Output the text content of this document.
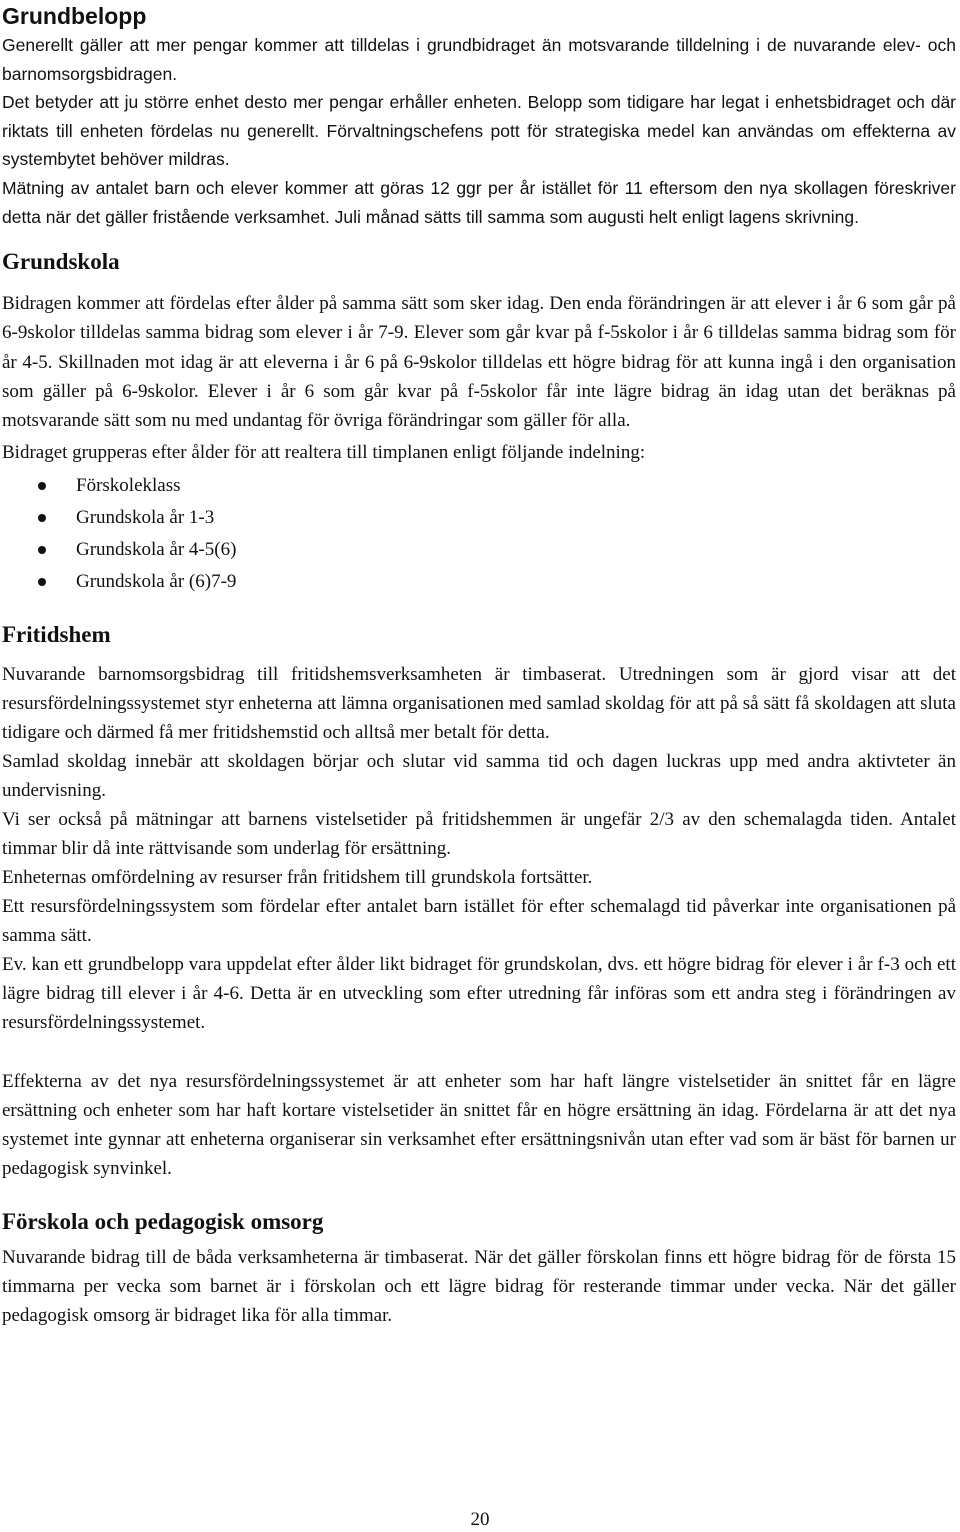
Grundbelopp

Generellt gäller att mer pengar kommer att tilldelas i grundbidraget än motsvarande tilldelning i de nuvarande elev- och barnomsorgsbidragen.

Det betyder att ju större enhet desto mer pengar erhåller enheten. Belopp som tidigare har legat i enhetsbidraget och där riktats till enheten fördelas nu generellt. Förvaltningschefens pott för strategiska medel kan användas om effekterna av systembytet behöver mildras.

Mätning av antalet barn och elever kommer att göras 12 ggr per år istället för 11 eftersom den nya skollagen föreskriver detta när det gäller fristående verksamhet. Juli månad sätts till samma som augusti helt enligt lagens skrivning.

Grundskola

Bidragen kommer att fördelas efter ålder på samma sätt som sker idag. Den enda förändringen är att elever i år 6 som går på 6-9skolor tilldelas samma bidrag som elever i år 7-9. Elever som går kvar på f-5skolor i år 6 tilldelas samma bidrag som för år 4-5. Skillnaden mot idag är att eleverna i år 6 på 6-9skolor tilldelas ett högre bidrag för att kunna ingå i den organisation som gäller på 6-9skolor. Elever i år 6 som går kvar på f-5skolor får inte lägre bidrag än idag utan det beräknas på motsvarande sätt som nu med undantag för övriga förändringar som gäller för alla.

Bidraget grupperas efter ålder för att realtera till timplanen enligt följande indelning:

Förskoleklass
Grundskola år 1-3
Grundskola år 4-5(6)
Grundskola år (6)7-9
Fritidshem

Nuvarande barnomsorgsbidrag till fritidshemsverksamheten är timbaserat. Utredningen som är gjord visar att det resursfördelningssystemet styr enheterna att lämna organisationen med samlad skoldag för att på så sätt få skoldagen att sluta tidigare och därmed få mer fritidshemstid och alltså mer betalt för detta.

Samlad skoldag innebär att skoldagen börjar och slutar vid samma tid och dagen luckras upp med andra aktivteter än undervisning.

Vi ser också på mätningar att barnens vistelsetider på fritidshemmen är ungefär 2/3 av den schemalagda tiden. Antalet timmar blir då inte rättvisande som underlag för ersättning.

Enheternas omfördelning av resurser från fritidshem till grundskola fortsätter.

Ett resursfördelningssystem som fördelar efter antalet barn istället för efter schemalagd tid påverkar inte organisationen på samma sätt.

Ev. kan ett grundbelopp vara uppdelat efter ålder likt bidraget för grundskolan, dvs. ett högre bidrag för elever i år f-3 och ett lägre bidrag till elever i år 4-6. Detta är en utveckling som efter utredning får införas som ett andra steg i förändringen av resursfördelningssystemet.

Effekterna av det nya resursfördelningssystemet är att enheter som har haft längre vistelsetider än snittet får en lägre ersättning och enheter som har haft kortare vistelsetider än snittet får en högre ersättning än idag. Fördelarna är att det nya systemet inte gynnar att enheterna organiserar sin verksamhet efter ersättningsnivån utan efter vad som är bäst för barnen ur pedagogisk synvinkel.

Förskola och pedagogisk omsorg

Nuvarande bidrag till de båda verksamheterna är timbaserat. När det gäller förskolan finns ett högre bidrag för de första 15 timmarna per vecka som barnet är i förskolan och ett lägre bidrag för resterande timmar under vecka. När det gäller pedagogisk omsorg är bidraget lika för alla timmar.

20
